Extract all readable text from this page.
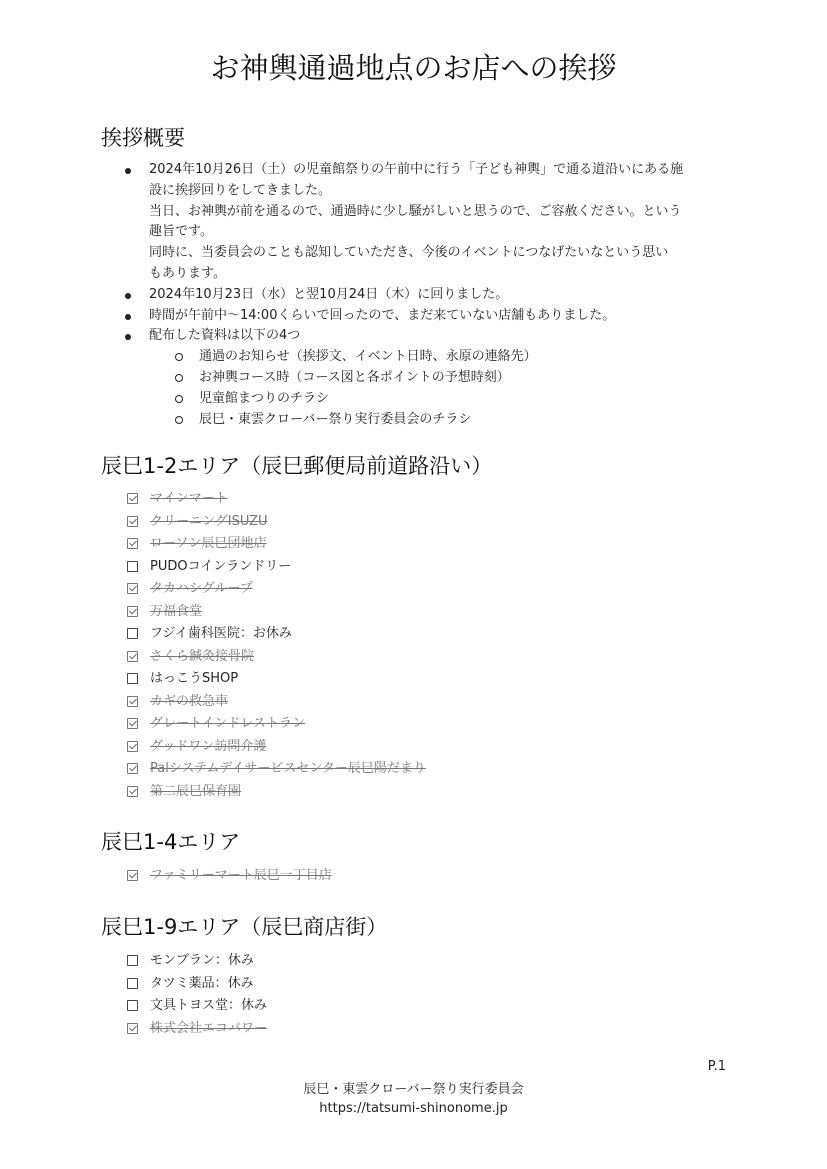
お神輿通過地点のお店への挨拶
挨拶概要
2024年10月26日（土）の児童館祭りの午前中に行う「子ども神輿」で通る道沿いにある施
設に挨拶回りをしてきました。
当日、お神輿が前を通るので、通過時に少し騒がしいと思うので、ご容赦ください。という
趣旨です。
同時に、当委員会のことも認知していただき、今後のイベントにつなげたいなという思い
もあります。
2024年10月23日（水）と翌10月24日（木）に回りました。
時間が午前中〜14:00くらいで回ったので、まだ来ていない店舗もありました。
配布した資料は以下の4つ
通過のお知らせ（挨拶文、イベント日時、永原の連絡先）
お神輿コース時（コース図と各ポイントの予想時刻）
児童館まつりのチラシ
辰巳・東雲クローバー祭り実行委員会のチラシ
辰巳1-2エリア（辰巳郵便局前道路沿い）
マインマート
クリーニングISUZU
ローソン辰巳団地店
PUDOコインランドリー
タカハシグループ
万福食堂
フジイ歯科医院：お休み
さくら鍼灸接骨院
はっこうSHOP
カギの救急車
グレートインドレストラン
グッドワン訪問介護
Palシステムデイサービスセンター辰巳陽だまり
第二辰巳保育園
辰巳1-4エリア
ファミリーマート辰巳一丁目店
辰巳1-9エリア（辰巳商店街）
モンブラン：休み
タツミ薬品：休み
文具トヨス堂：休み
株式会社エコパワー
P.1
辰巳・東雲クローバー祭り実行委員会
https://tatsumi-shinonome.jp
